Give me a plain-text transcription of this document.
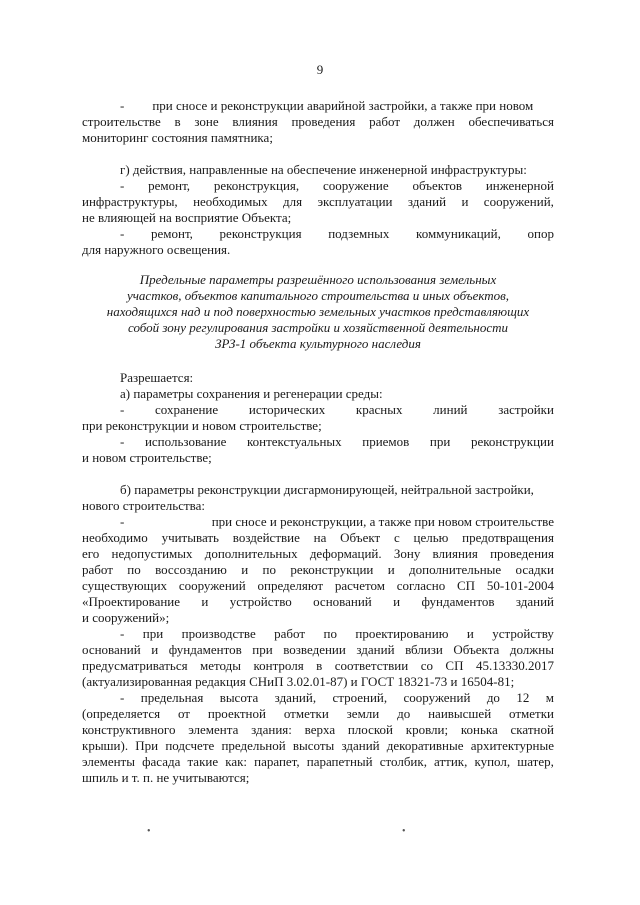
9
- при сносе и реконструкции аварийной застройки, а также при новом
строительстве в зоне влияния проведения работ должен обеспечиваться
мониторинг состояния памятника;
г) действия, направленные на обеспечение инженерной инфраструктуры:
- ремонт, реконструкция, сооружение объектов инженерной
инфраструктуры, необходимых для эксплуатации зданий и сооружений,
не влияющей на восприятие Объекта;
- ремонт, реконструкция подземных коммуникаций, опор
для наружного освещения.
Разрешается:
а) параметры сохранения и регенерации среды:
- сохранение исторических красных линий застройки
при реконструкции и новом строительстве;
- использование контекстуальных приемов при реконструкции
и новом строительстве;
б) параметры реконструкции дисгармонирующей, нейтральной застройки,
нового строительства:
-	при сносе и реконструкции, а также при новом строительстве
необходимо учитывать воздействие на Объект с целью предотвращения
его недопустимых дополнительных деформаций. Зону влияния проведения
работ по воссозданию и по реконструкции и дополнительные осадки
существующих сооружений определяют расчетом согласно СП 50-101-2004
«Проектирование и устройство оснований и фундаментов зданий
и сооружений»;
- при производстве работ по проектированию и устройству
оснований и фундаментов при возведении зданий вблизи Объекта должны
предусматриваться методы контроля в соответствии со СП 45.13330.2017
(актуализированная редакция СНиП 3.02.01-87) и ГОСТ 18321-73 и 16504-81;
- предельная высота зданий, строений, сооружений до 12 м
(определяется от проектной отметки земли до наивысшей отметки
конструктивного элемента здания: верха плоской кровли; конька скатной
крыши). При подсчете предельной высоты зданий декоративные архитектурные
элементы фасада такие как: парапет, парапетный столбик, аттик, купол, шатер,
шпиль и т. п. не учитываются;
Предельные параметры разрешённого использования земельных
участков, объектов капитального строительства и иных объектов,
находящихся над и под поверхностью земельных участков представляющих
собой зону регулирования застройки и хозяйственной деятельности
ЗРЗ-1 объекта культурного наследия
•	•
